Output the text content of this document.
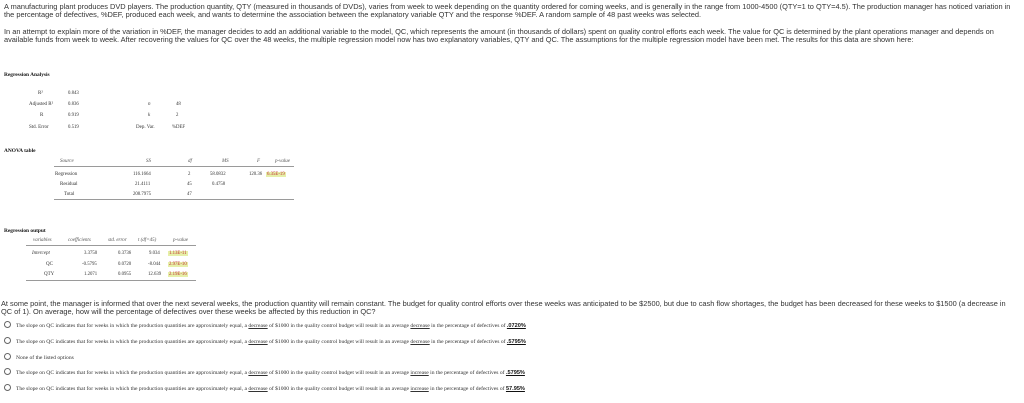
A manufacturing plant produces DVD players. The production quantity, QTY (measured in thousands of DVDs), varies from week to week depending on the quantity ordered for coming weeks, and is generally in the range from 1000-4500 (QTY=1 to QTY=4.5). The production manager has noticed variation in the percentage of defectives, %DEF, produced each week, and wants to determine the association between the explanatory variable QTY and the response %DEF. A random sample of 48 past weeks was selected.
In an attempt to explain more of the variation in %DEF, the manager decides to add an additional variable to the model, QC, which represents the amount (in thousands of dollars) spent on quality control efforts each week. The value for QC is determined by the plant operations manager and depends on available funds from week to week. After recovering the values for QC over the 48 weeks, the multiple regression model now has two explanatory variables, QTY and QC. The assumptions for the multiple regression model have been met. The results for this data are shown here:
Regression Analysis
R²	0.843
Adjusted R²	0.836
R	0.919
Std. Error	0.519
n	48
k	2
Dep. Var.	%DEF
ANOVA table
Source	SS	df	MS	F	p-value
Regression	116.1664	2	58.0832	120.36 6.35E-19
Residual	21.4111	45	0.4758
Total	208.7975	47
Regression output
variables	coefficients	std. error t (df=45)	p-value
Intercept	3.3750	0.3736	9.034 1.13E-11
QC	-0.5795	0.0720	-8.044 2.97E-10
QTY	1.2071	0.0955	12.639 2.19E-16
At some point, the manager is informed that over the next several weeks, the production quantity will remain constant. The budget for quality control efforts over these weeks was anticipated to be $2500, but due to cash flow shortages, the budget has been decreased for these weeks to $1500 (a decrease in QC of 1). On average, how will the percentage of defectives over these weeks be affected by this reduction in QC?
The slope on QC indicates that for weeks in which the production quantities are approximately equal, a decrease of $1000 in the quality control budget will result in an average decrease in the percentage of defectives of .0720%
The slope on QC indicates that for weeks in which the production quantities are approximately equal, a decrease of $1000 in the quality control budget will result in an average decrease in the percentage of defectives of .5795%
None of the listed options
The slope on QC indicates that for weeks in which the production quantities are approximately equal, a decrease of $1000 in the quality control budget will result in an average increase in the percentage of defectives of .5795%
The slope on QC indicates that for weeks in which the production quantities are approximately equal, a decrease of $1000 in the quality control budget will result in an average increase in the percentage of defectives of 57.95%
